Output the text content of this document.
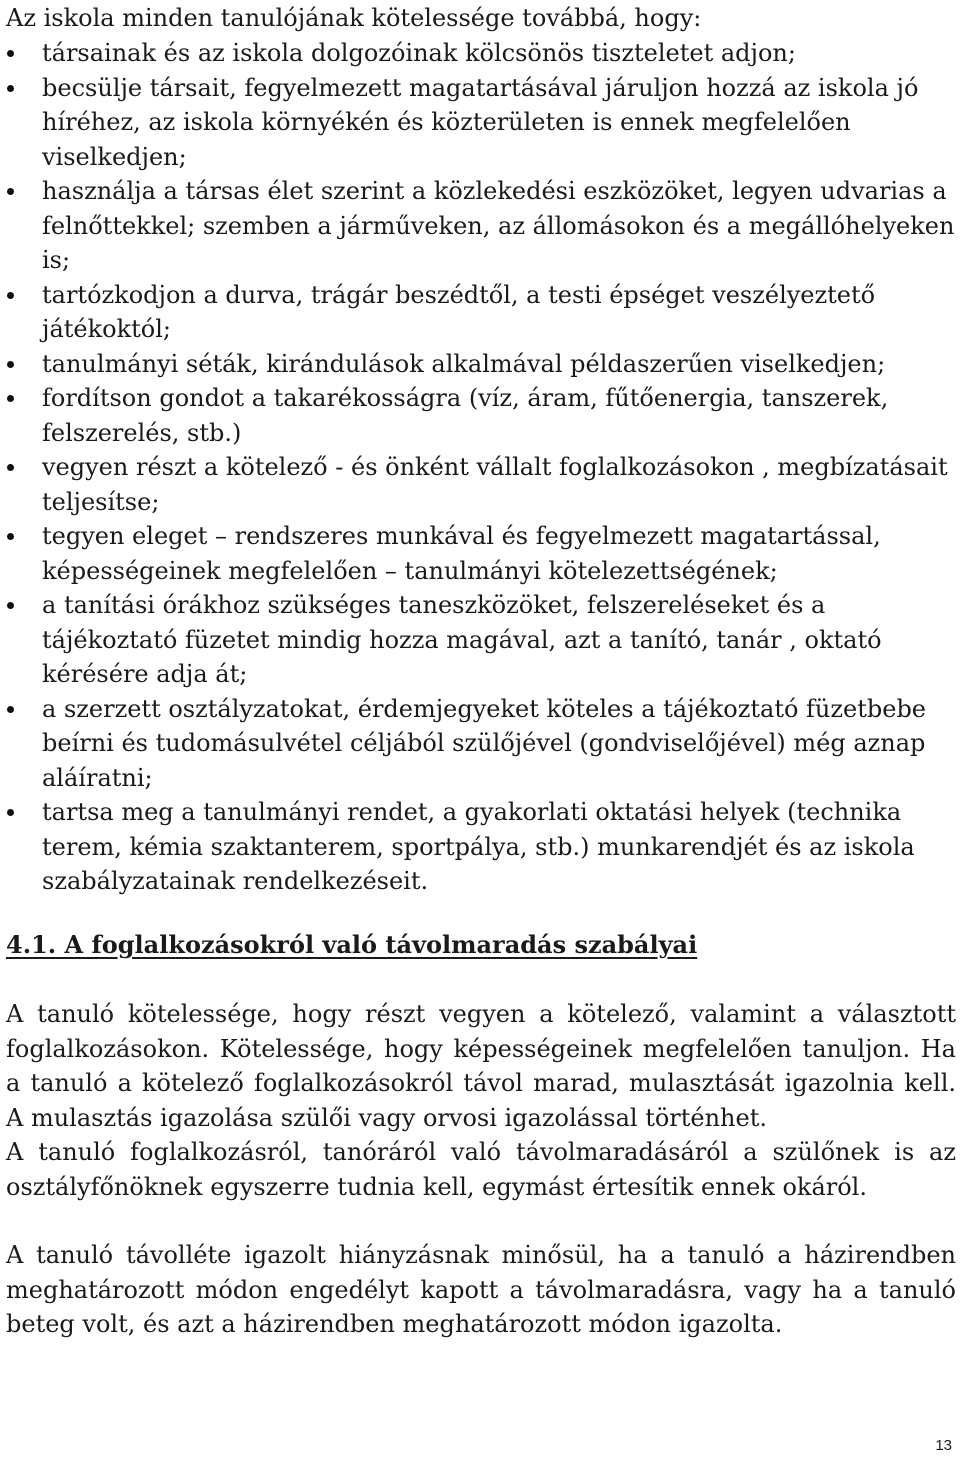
Az iskola minden tanulójának kötelessége továbbá, hogy:

társainak és az iskola dolgozóinak kölcsönös tiszteletet adjon;
becsülje társait, fegyelmezett magatartásával járuljon hozzá az iskola jó híréhez, az iskola környékén és közterületen is ennek megfelelően viselkedjen;
használja a társas élet szerint a közlekedési eszközöket, legyen udvarias a felnőttekkel; szemben a járműveken, az állomásokon és a megállóhelyeken is;
tartózkodjon a durva, trágár beszédtől, a testi épséget veszélyeztető játékoktól;
tanulmányi séták, kirándulások alkalmával példaszerűen viselkedjen;
fordítson gondot a takarékosságra (víz, áram, fűtőenergia, tanszerek, felszerelés, stb.)
vegyen részt a kötelező - és önként vállalt foglalkozásokon , megbízatásait teljesítse;
tegyen eleget – rendszeres munkával és fegyelmezett magatartással, képességeinek megfelelően – tanulmányi kötelezettségének;
a tanítási órákhoz szükséges taneszközöket, felszereléseket és a tájékoztató füzetet mindig hozza magával, azt a tanító, tanár , oktató kérésére adja át;
a szerzett osztályzatokat, érdemjegyeket köteles a tájékoztató füzetbebe beírni és tudomásulvétel céljából szülőjével (gondviselőjével) még aznap aláíratni;
tartsa meg a tanulmányi rendet, a gyakorlati oktatási helyek (technika terem, kémia szaktanterem, sportpálya, stb.) munkarendjét és az iskola szabályzatainak rendelkezéseit.
4.1. A foglalkozásokról való távolmaradás szabályai

A tanuló kötelessége, hogy részt vegyen a kötelező, valamint a választott foglalkozásokon. Kötelessége, hogy képességeinek megfelelően tanuljon. Ha a tanuló a kötelező foglalkozásokról távol marad, mulasztását igazolnia kell. A mulasztás igazolása szülői vagy orvosi igazolással történhet.

A tanuló foglalkozásról, tanóráról való távolmaradásáról a szülőnek is az osztályfőnöknek egyszerre tudnia kell, egymást értesítik ennek okáról.

A tanuló távolléte igazolt hiányzásnak minősül, ha a tanuló a házirendben meghatározott módon engedélyt kapott a távolmaradásra, vagy ha a tanuló beteg volt, és azt a házirendben meghatározott módon igazolta.

13
